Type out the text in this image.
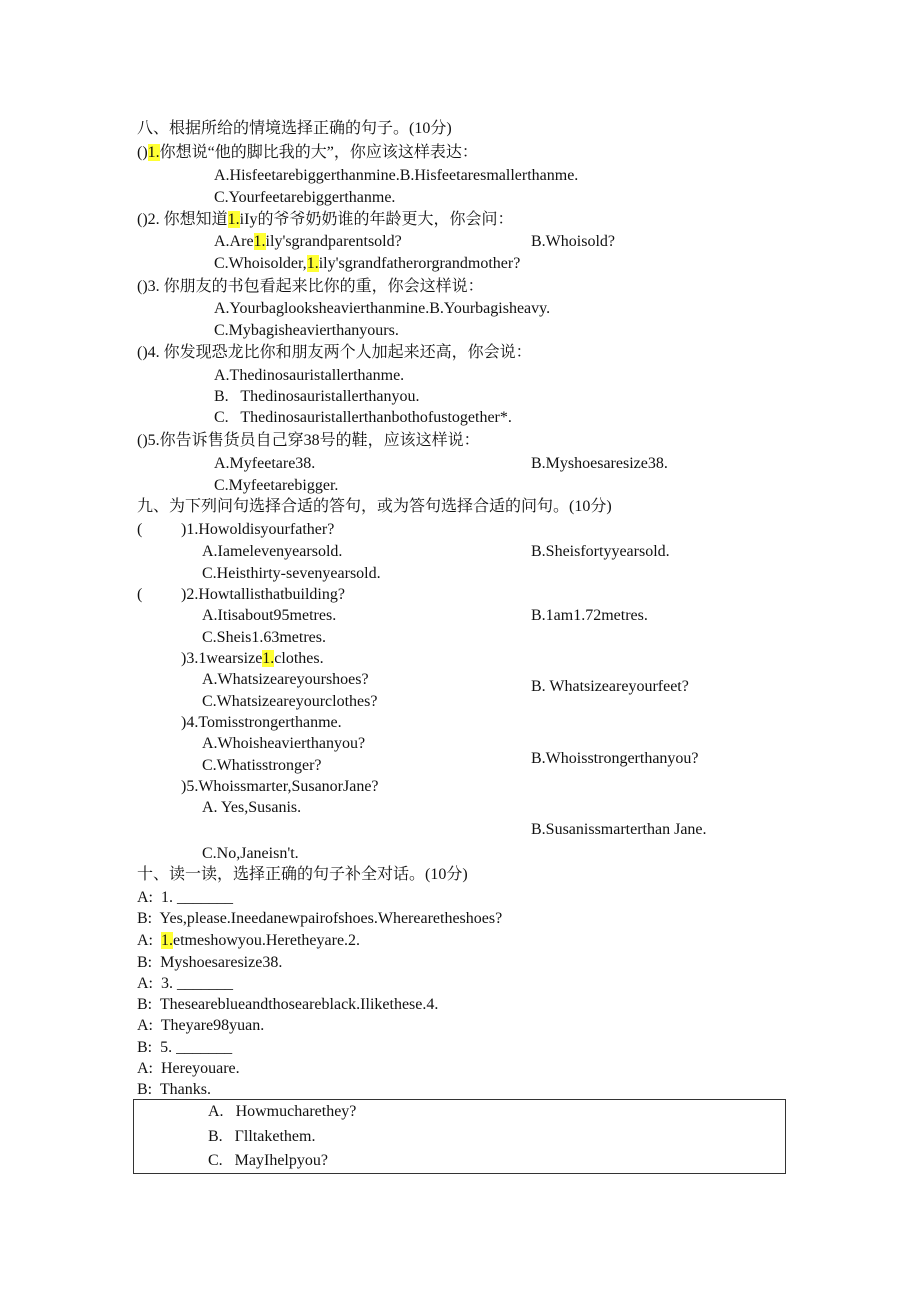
八、根据所给的情境选择正确的句子。(10分)
()1.你想说“他的脚比我的大”，你应该这样表达：
A.Hisfeetarebiggerthanmine.B.Hisfeetaresmallerthanme.
C.Yourfeetarebiggerthanme.
()2. 你想知道1.iIy的爷爷奶奶谁的年龄更大，你会问：
A.Are1.ily'sgrandparentsold?	B.Whoisold?
C.Whoisolder,1.ily'sgrandfatherorgrandmother?
()3. 你朋友的书包看起来比你的重，你会这样说：
A.Yourbaglooksheavierthanmine.B.Yourbagisheavy.
C.Mybagisheavierthanyours.
()4. 你发现恐龙比你和朋友两个人加起来还高，你会说：
A.Thedinosauristallerthanme.
B.   Thedinosauristallerthanyou.
C.   Thedinosauristallerthanbothofustogether*.
()5.你告诉售货员自己穿38号的鞋，应该这样说：
A.Myfeetare38.	B.Myshoesaresize38.
C.Myfeetarebigger.
九、为下列问句选择合适的答句，或为答句选择合适的问句。(10分)
( )1.Howoldisyourfather?
A.Iamelevenyearsold.	B.Sheisfortyyearsold.
C.Heisthirty-sevenyearsold.
( )2.Howtallisthatbuilding?
A.Itisabout95metres.	B.1am1.72metres.
C.Sheis1.63metres.
)3.1wearsize1.clothes.
A.Whatsizeareyourshoes?	B. Whatsizeareyourfeet?
C.Whatsizeareyourclothes?
)4.Tomisstrongerthanme.
A.Whoisheavierthanyou?
B.Whoisstrongerthanyou?
C.Whatisstronger?
)5.Whoissmarter,SusanorJane?
A. Yes,Susanis.
B.Susanissmarterthan Jane.
C.No,Janeisn't.
十、读一读，选择正确的句子补全对话。(10分)
A: 1. _______
B: Yes,please.Ineedanewpairofshoes.Wherearetheshoes?
A: 1.etmeshowyou.Heretheyare.2.
B: Myshoesaresize38.
A: 3. _______
B: Theseareblueandthoseareblack.Ilikethese.4.
A: Theyare98yuan.
B: 5. _______
A: Hereyouare.
B: Thanks.
A. Howmucharethey?
B. Γlltakethem.
C. MayIhelpyou?
